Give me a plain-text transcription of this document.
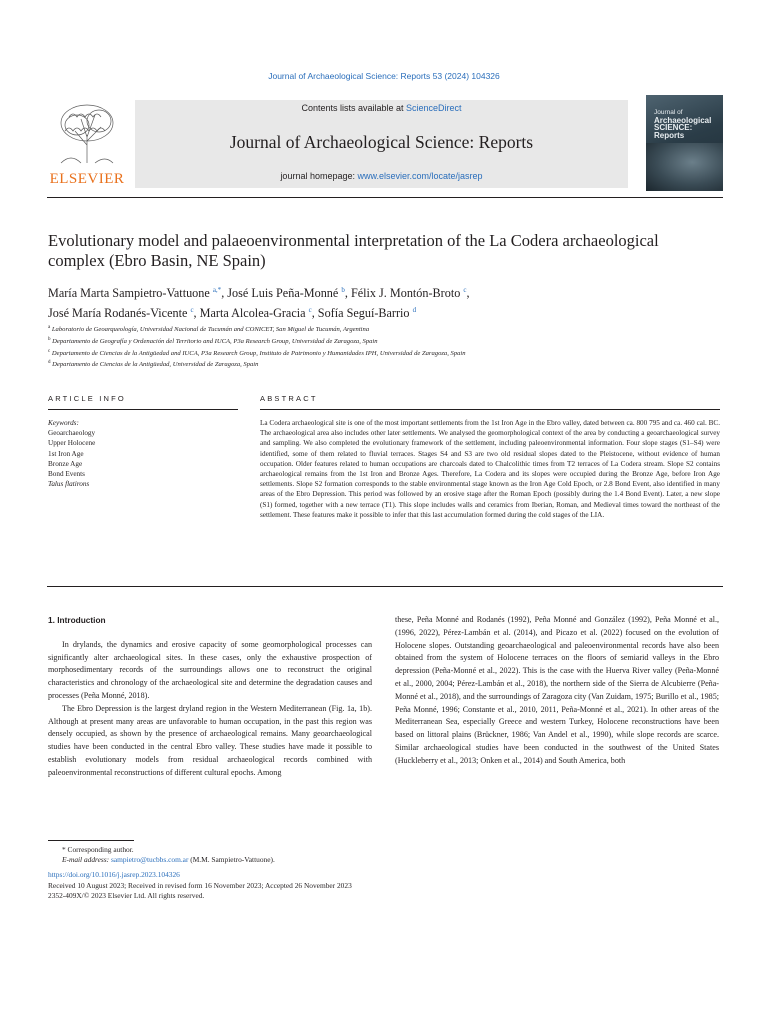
Journal of Archaeological Science: Reports 53 (2024) 104326
ELSEVIER
Contents lists available at ScienceDirect
Journal of Archaeological Science: Reports
journal homepage: www.elsevier.com/locate/jasrep
Journal of
Archaeological
SCIENCE:
Reports
Evolutionary model and palaeoenvironmental interpretation of the La Codera archaeological complex (Ebro Basin, NE Spain)
María Marta Sampietro-Vattuone $^{a,*}$, José Luis Peña-Monné $^b$, Félix J. Montón-Broto $^c$,
José María Rodanés-Vicente $^c$, Marta Alcolea-Gracia $^c$, Sofía Seguí-Barrio $^d$
$^a$ Laboratorio de Geoarqueología, Universidad Nacional de Tucumán and CONICET, San Miguel de Tucumán, Argentina
$^b$ Departamento de Geografía y Ordenación del Territorio and IUCA, P3a Research Group, Universidad de Zaragoza, Spain
$^c$ Departamento de Ciencias de la Antigüedad and IUCA, P3a Research Group, Instituto de Patrimonio y Humanidades IPH, Universidad de Zaragoza, Spain
$^d$ Departamento de Ciencias de la Antigüedad, Universidad de Zaragoza, Spain
ARTICLE INFO	ABSTRACT
Keywords:
Geoarchaeology
Upper Holocene
1st Iron Age
Bronze Age
Bond Events
Talus flatirons
La Codera archaeological site is one of the most important settlements from the 1st Iron Age in the Ebro valley, dated between ca. 800 795 and ca. 460 cal. BC. The archaeological area also includes other later settlements. We analysed the geomorphological context of the area by conducting a geoarchaeological survey and sampling. We also completed the evolutionary framework of the settlement, including paleoenvironmental information. Four slope stages (S1–S4) were identified, some of them related to fluvial terraces. Stages S4 and S3 are two old residual slopes dated to the Pleistocene, without evidence of human occupation. Older features related to human occupations are charcoals dated to Chalcolithic times from T2 terraces of La Codera stream. Slope S2 contains archaeological remains from the 1st Iron and Bronze Ages. Therefore, La Codera and its slopes were occupied during the Bronze Age, before Iron Age settlements. Slope S2 formation corresponds to the stable environmental stage known as the Iron Age Cold Epoch, or 2.8 Bond Event, also identified in many areas of the Ebro Depression. This period was followed by an erosive stage after the Roman Epoch (possibly during the 1.4 Bond Event). Later, a new slope (S1) formed, together with a new terrace (T1). This slope includes walls and ceramics from Iberian, Roman, and Medieval times toward the northeast of the settlement. These features make it possible to infer that this last accumulation formed during the cold stages of the LIA.
1. Introduction

In drylands, the dynamics and erosive capacity of some geomorphological processes can significantly alter archaeological sites. In these cases, only the exhaustive prospection of morphosedimentary records of the surroundings allows one to reconstruct the original characteristics and chronology of the archaeological site and determine the degradation causes and processes (Peña Monné, 2018).

The Ebro Depression is the largest dryland region in the Western Mediterranean (Fig. 1a, 1b). Although at present many areas are unfavorable to human occupation, in the past this region was densely occupied, as shown by the presence of archaeological remains. Many geoarchaeological studies have been conducted in the central Ebro valley. These studies have made it possible to establish evolutionary models from residual archaeological records combined with paleoenvironmental reconstructions of different cultural epochs. Among

these, Peña Monné and Rodanés (1992), Peña Monné and González (1992), Peña Monné et al., (1996, 2022), Pérez-Lambán et al. (2014), and Picazo et al. (2022) focused on the evolution of Holocene slopes. Outstanding geoarchaeological and paleoenvironmental records have also been obtained from the system of Holocene terraces on the floors of semiarid valleys in the Ebro depression (Peña-Monné et al., 2022). This is the case with the Huerva River valley (Peña-Monné et al., 2000, 2004; Pérez-Lambán et al., 2018), the northern side of the Sierra de Alcubierre (Peña-Monné et al., 2018), and the surroundings of Zaragoza city (Van Zuidam, 1975; Burillo et al., 1985; Peña Monné, 1996; Constante et al., 2010, 2011, Peña-Monné et al., 2021). In other areas of the Mediterranean Sea, especially Greece and western Turkey, Holocene reconstructions have been based on littoral plains (Brückner, 1986; Van Andel et al., 1990), while slope records are scarce. Similar archaeological studies have been conducted in the southwest of the United States (Huckleberry et al., 2013; Onken et al., 2014) and South America, both

* Corresponding author.
E-mail address: sampietro@tucbbs.com.ar (M.M. Sampietro-Vattuone).
https://doi.org/10.1016/j.jasrep.2023.104326
Received 10 August 2023; Received in revised form 16 November 2023; Accepted 26 November 2023
2352-409X/© 2023 Elsevier Ltd. All rights reserved.
